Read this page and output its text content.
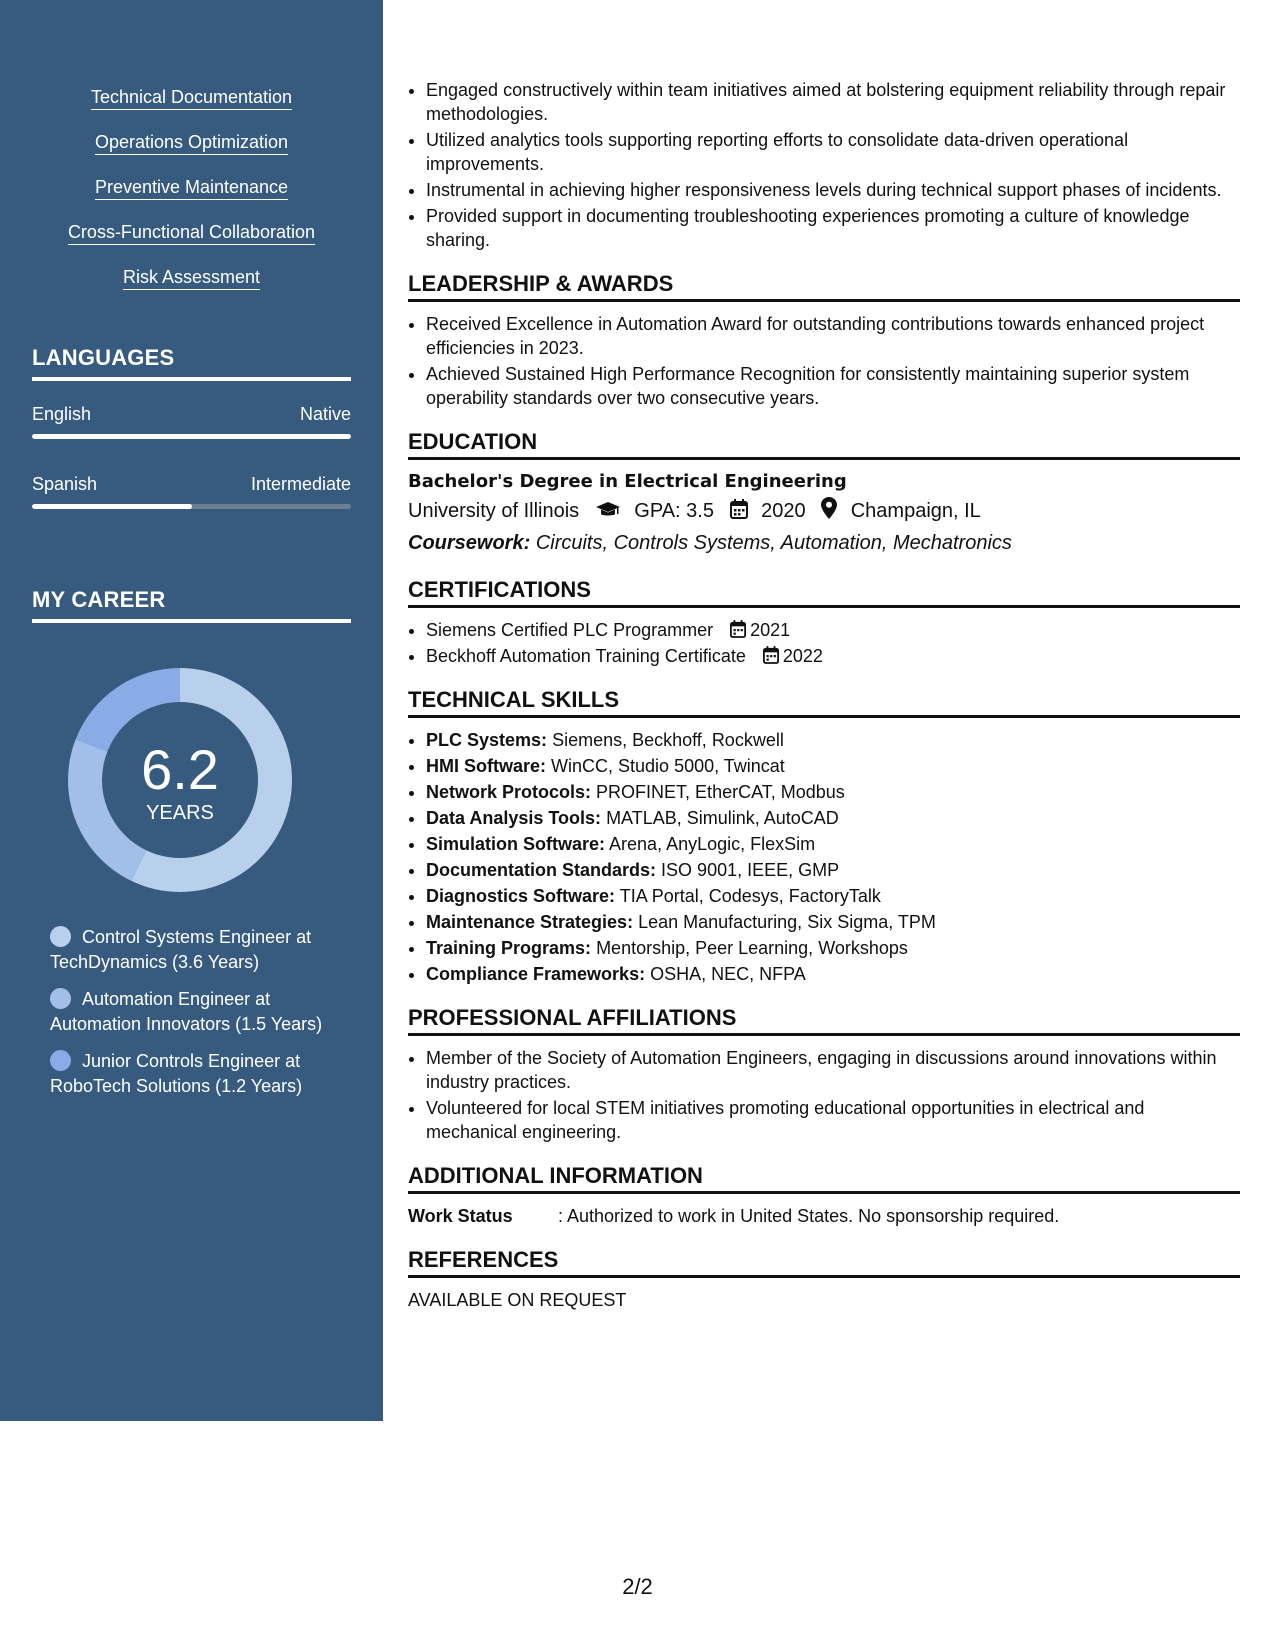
Technical Documentation
Operations Optimization
Preventive Maintenance
Cross-Functional Collaboration
Risk Assessment
LANGUAGES
English	Native
Spanish	Intermediate
MY CAREER
6.2
YEARS
Control Systems Engineer at TechDynamics (3.6 Years)
Automation Engineer at Automation Innovators (1.5 Years)
Junior Controls Engineer at RoboTech Solutions (1.2 Years)
• Engaged constructively within team initiatives aimed at bolstering equipment reliability through repair methodologies.
• Utilized analytics tools supporting reporting efforts to consolidate data-driven operational improvements.
• Instrumental in achieving higher responsiveness levels during technical support phases of incidents.
• Provided support in documenting troubleshooting experiences promoting a culture of knowledge sharing.
LEADERSHIP & AWARDS
• Received Excellence in Automation Award for outstanding contributions towards enhanced project efficiencies in 2023.
• Achieved Sustained High Performance Recognition for consistently maintaining superior system operability standards over two consecutive years.
EDUCATION
Bachelor's Degree in Electrical Engineering
University of Illinois	GPA: 3.5 2020 Champaign, IL
Coursework: Circuits, Controls Systems, Automation, Mechatronics
CERTIFICATIONS
• Siemens Certified PLC Programmer 2021
• Beckhoff Automation Training Certificate 2022
TECHNICAL SKILLS
• PLC Systems: Siemens, Beckhoff, Rockwell
• HMI Software: WinCC, Studio 5000, Twincat
• Network Protocols: PROFINET, EtherCAT, Modbus
• Data Analysis Tools: MATLAB, Simulink, AutoCAD
• Simulation Software: Arena, AnyLogic, FlexSim
• Documentation Standards: ISO 9001, IEEE, GMP
• Diagnostics Software: TIA Portal, Codesys, FactoryTalk
• Maintenance Strategies: Lean Manufacturing, Six Sigma, TPM
• Training Programs: Mentorship, Peer Learning, Workshops
• Compliance Frameworks: OSHA, NEC, NFPA
PROFESSIONAL AFFILIATIONS
• Member of the Society of Automation Engineers, engaging in discussions around innovations within industry practices.
• Volunteered for local STEM initiatives promoting educational opportunities in electrical and mechanical engineering.
ADDITIONAL INFORMATION
Work Status	: Authorized to work in United States. No sponsorship required.
REFERENCES
AVAILABLE ON REQUEST
2/2
